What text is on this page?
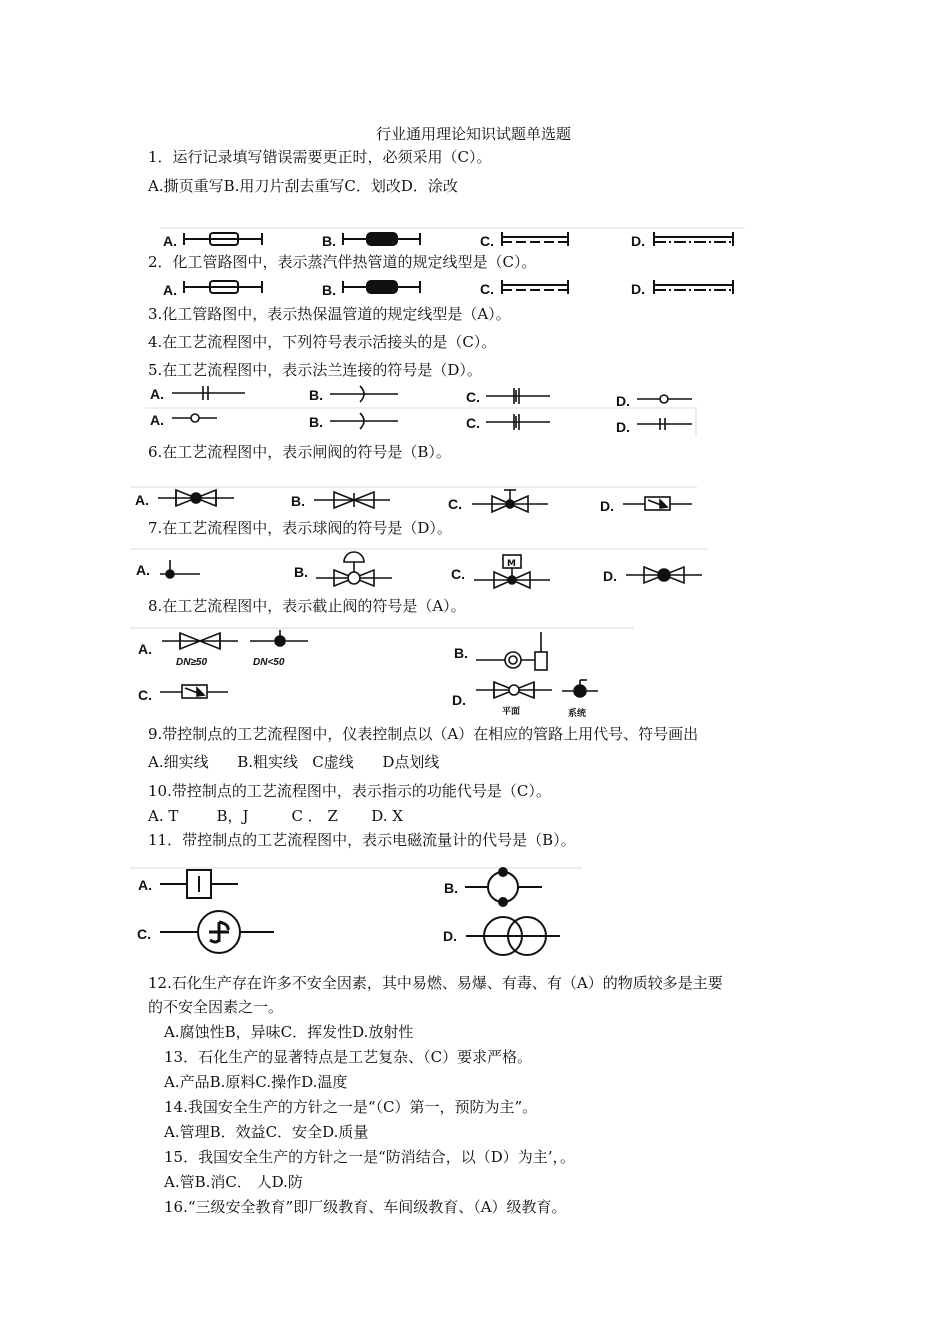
行业通用理论知识试题单选题
1．运行记录填写错误需要更正时，必须采用（C）。
A.撕页重写B.用刀片刮去重写C．划改D．涂改
2．化工管路图中，表示蒸汽伴热管道的规定线型是（C）。
3.化工管路图中，表示热保温管道的规定线型是（A）。
4.在工艺流程图中，下列符号表示活接头的是（C）。
5.在工艺流程图中，表示法兰连接的符号是（D）。
6.在工艺流程图中，表示闸阀的符号是（B）。
7.在工艺流程图中，表示球阀的符号是（D）。
8.在工艺流程图中，表示截止阀的符号是（A）。
9.带控制点的工艺流程图中，仪表控制点以（A）在相应的管路上用代号、符号画出
A.细实线      B.粗实线   C虚线      D点划线
10.带控制点的工艺流程图中，表示指示的功能代号是（C）。
A. T        B，J         C ． Z       D. X
11．带控制点的工艺流程图中，表示电磁流量计的代号是（B）。
12.石化生产存在许多不安全因素，其中易燃、易爆、有毒、有（A）的物质较多是主要
的不安全因素之一。
A.腐蚀性B，异味C．挥发性D.放射性
13．石化生产的显著特点是工艺复杂、（C）要求严格。
A.产品B.原料C.操作D.温度
14.我国安全生产的方针之一是“（C）第一，预防为主”。
A.管理B．效益C．安全D.质量
15．我国安全生产的方针之一是“防消结合，以（D）为主’，。
A.管B.消C． 人D.防
16.“三级安全教育”即厂级教育、车间级教育、（A）级教育。
A.	B.	C.	D.
A.	B.	C.	D.
A.	B.	C.	D.
A.	B.	C.	D.
A.	B.	C.	D.
A.	B.	C.
M
D.
A.
DN≥50	DN<50
B.
C.	D.
平面	系统
A.	B.
C.	D.
